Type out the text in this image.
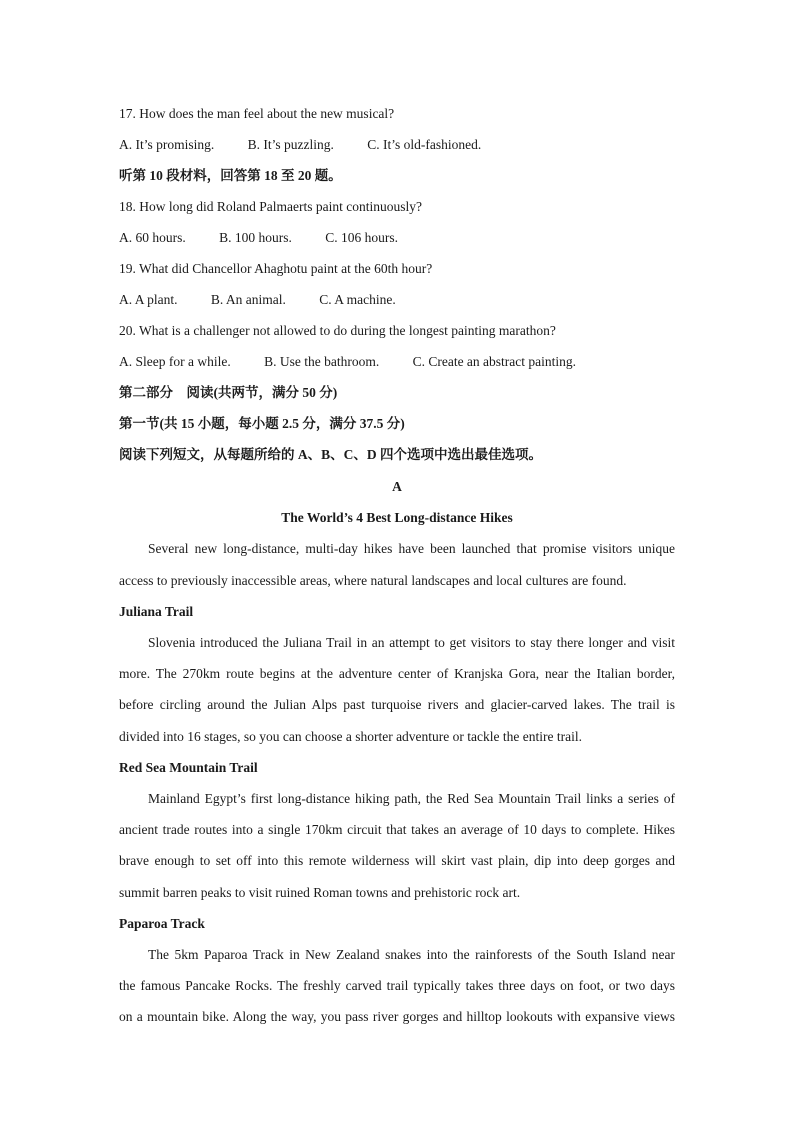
17. How does the man feel about the new musical?
A. It’s promising. B. It’s puzzling. C. It’s old-fashioned.
听第 10 段材料，回答第 18 至 20 题。
18. How long did Roland Palmaerts paint continuously?
A. 60 hours. B. 100 hours. C. 106 hours.
19. What did Chancellor Ahaghotu paint at the 60th hour?
A. A plant. B. An animal. C. A machine.
20. What is a challenger not allowed to do during the longest painting marathon?
A. Sleep for a while. B. Use the bathroom. C. Create an abstract painting.
第二部分　阅读(共两节，满分 50 分)
第一节(共 15 小题，每小题 2.5 分，满分 37.5 分)
阅读下列短文，从每题所给的 A、B、C、D 四个选项中选出最佳选项。
A
The World’s 4 Best Long-distance Hikes
Several new long-distance, multi-day hikes have been launched that promise visitors unique
access to previously inaccessible areas, where natural landscapes and local cultures are found.
Juliana Trail
Slovenia introduced the Juliana Trail in an attempt to get visitors to stay there longer and visit
more. The 270km route begins at the adventure center of Kranjska Gora, near the Italian border,
before circling around the Julian Alps past turquoise rivers and glacier-carved lakes. The trail is
divided into 16 stages, so you can choose a shorter adventure or tackle the entire trail.
Red Sea Mountain Trail
Mainland Egypt’s first long-distance hiking path, the Red Sea Mountain Trail links a series of
ancient trade routes into a single 170km circuit that takes an average of 10 days to complete. Hikes
brave enough to set off into this remote wilderness will skirt vast plain, dip into deep gorges and
summit barren peaks to visit ruined Roman towns and prehistoric rock art.
Paparoa Track
The 5km Paparoa Track in New Zealand snakes into the rainforests of the South Island near
the famous Pancake Rocks. The freshly carved trail typically takes three days on foot, or two days
on a mountain bike. Along the way, you pass river gorges and hilltop lookouts with expansive views
